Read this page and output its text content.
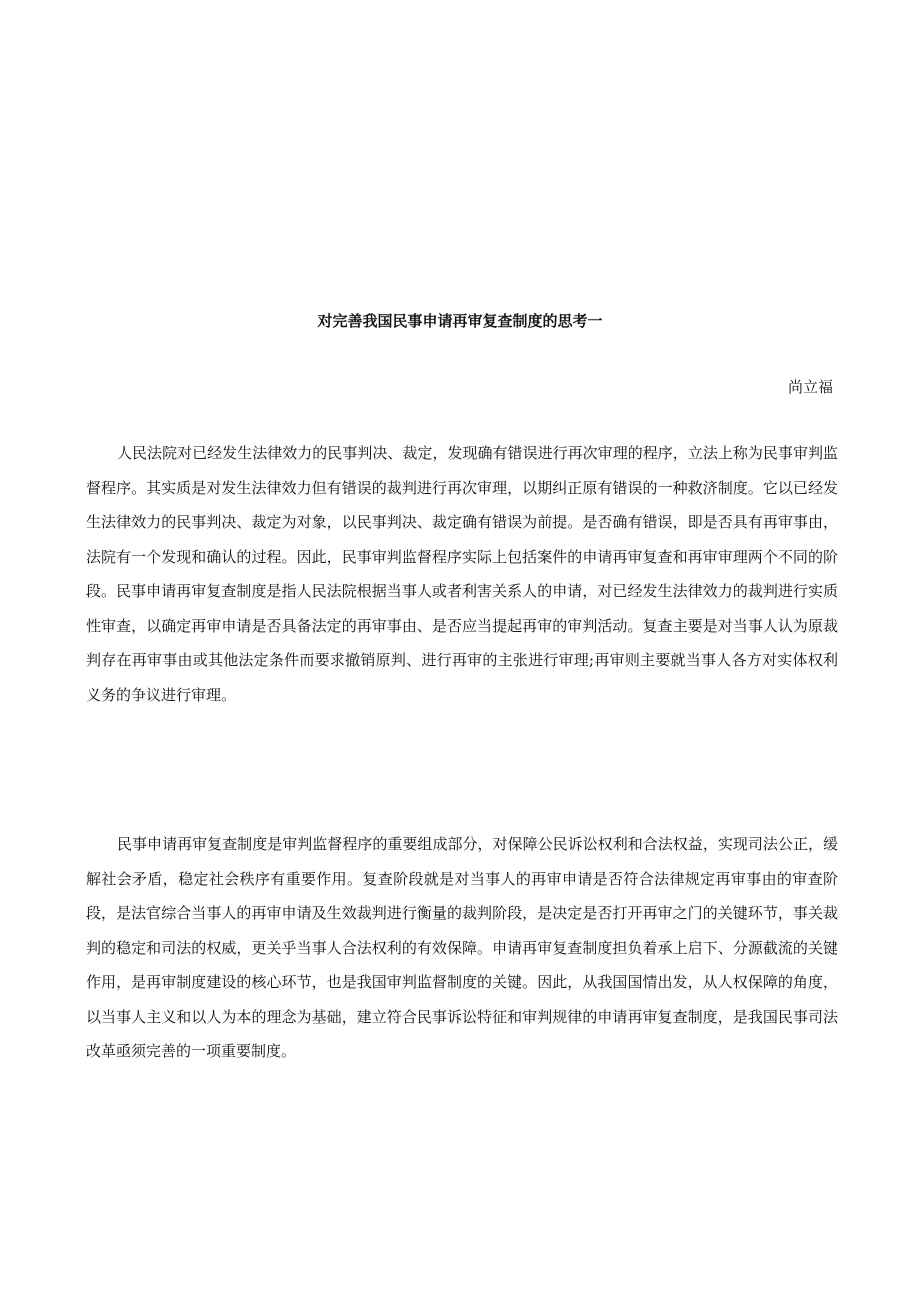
对完善我国民事申请再审复查制度的思考一

尚立福

人民法院对已经发生法律效力的民事判决、裁定，发现确有错误进行再次审理的程序，立法上称为民事审判监督程序。其实质是对发生法律效力但有错误的裁判进行再次审理，以期纠正原有错误的一种救济制度。它以已经发生法律效力的民事判决、裁定为对象，以民事判决、裁定确有错误为前提。是否确有错误，即是否具有再审事由，法院有一个发现和确认的过程。因此，民事审判监督程序实际上包括案件的申请再审复查和再审审理两个不同的阶段。民事申请再审复查制度是指人民法院根据当事人或者利害关系人的申请，对已经发生法律效力的裁判进行实质性审查，以确定再审申请是否具备法定的再审事由、是否应当提起再审的审判活动。复查主要是对当事人认为原裁判存在再审事由或其他法定条件而要求撤销原判、进行再审的主张进行审理;再审则主要就当事人各方对实体权利义务的争议进行审理。

民事申请再审复查制度是审判监督程序的重要组成部分，对保障公民诉讼权利和合法权益，实现司法公正，缓解社会矛盾，稳定社会秩序有重要作用。复查阶段就是对当事人的再审申请是否符合法律规定再审事由的审查阶段，是法官综合当事人的再审申请及生效裁判进行衡量的裁判阶段，是决定是否打开再审之门的关键环节，事关裁判的稳定和司法的权威，更关乎当事人合法权利的有效保障。申请再审复查制度担负着承上启下、分源截流的关键作用，是再审制度建设的核心环节，也是我国审判监督制度的关键。因此，从我国国情出发，从人权保障的角度，以当事人主义和以人为本的理念为基础，建立符合民事诉讼特征和审判规律的申请再审复查制度，是我国民事司法改革亟须完善的一项重要制度。
